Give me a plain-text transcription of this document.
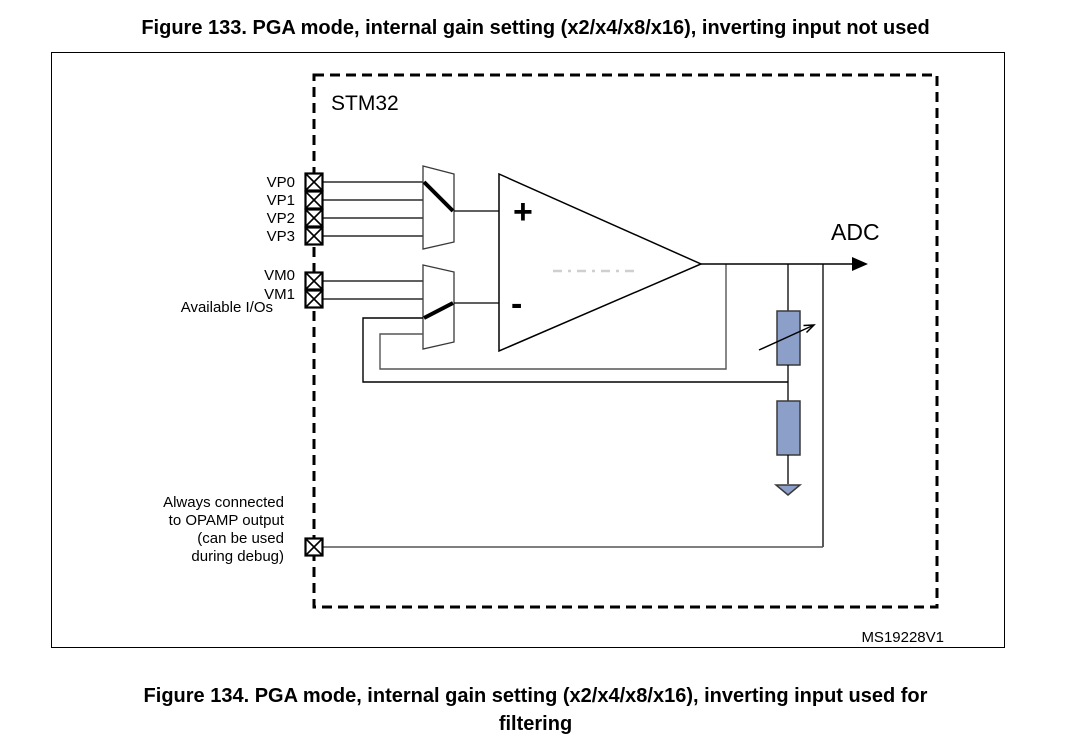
Figure 133. PGA mode, internal gain setting (x2/x4/x8/x16), inverting input not used
STM32
VP0
VP1
VP2
VP3
VM0
VM1
Available I/Os
+
-
ADC
Always connected
to OPAMP output
(can be used
during debug)
MS19228V1
Figure 134. PGA mode, internal gain setting (x2/x4/x8/x16), inverting input used for
filtering
